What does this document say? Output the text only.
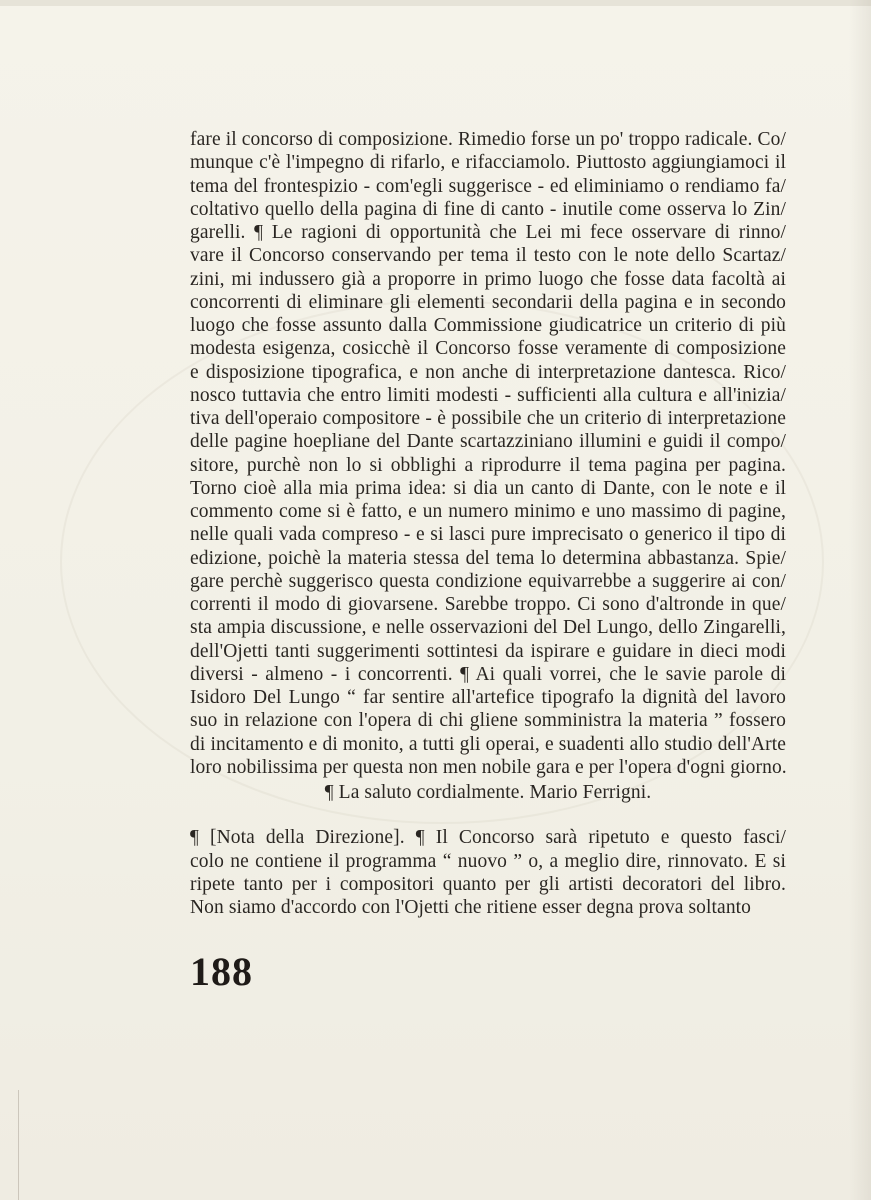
fare il concorso di composizione. Rimedio forse un po' troppo radicale. Co/
munque c'è l'impegno di rifarlo, e rifacciamolo. Piuttosto aggiungiamoci il
tema del frontespizio - com'egli suggerisce - ed eliminiamo o rendiamo fa/
coltativo quello della pagina di fine di canto - inutile come osserva lo Zin/
garelli. ¶ Le ragioni di opportunità che Lei mi fece osservare di rinno/
vare il Concorso conservando per tema il testo con le note dello Scartaz/
zini, mi indussero già a proporre in primo luogo che fosse data facoltà ai
concorrenti di eliminare gli elementi secondarii della pagina e in secondo
luogo che fosse assunto dalla Commissione giudicatrice un criterio di più
modesta esigenza, cosicchè il Concorso fosse veramente di composizione
e disposizione tipografica, e non anche di interpretazione dantesca. Rico/
nosco tuttavia che entro limiti modesti - sufficienti alla cultura e all'inizia/
tiva dell'operaio compositore - è possibile che un criterio di interpretazione
delle pagine hoepliane del Dante scartazziniano illumini e guidi il compo/
sitore, purchè non lo si obblighi a riprodurre il tema pagina per pagina.
Torno cioè alla mia prima idea: si dia un canto di Dante, con le note e il
commento come si è fatto, e un numero minimo e uno massimo di pagine,
nelle quali vada compreso - e si lasci pure imprecisato o generico il tipo di
edizione, poichè la materia stessa del tema lo determina abbastanza. Spie/
gare perchè suggerisco questa condizione equivarrebbe a suggerire ai con/
correnti il modo di giovarsene. Sarebbe troppo. Ci sono d'altronde in que/
sta ampia discussione, e nelle osservazioni del Del Lungo, dello Zingarelli,
dell'Ojetti tanti suggerimenti sottintesi da ispirare e guidare in dieci modi
diversi - almeno - i concorrenti. ¶ Ai quali vorrei, che le savie parole di
Isidoro Del Lungo “ far sentire all'artefice tipografo la dignità del lavoro
suo in relazione con l'opera di chi gliene somministra la materia ” fossero
di incitamento e di monito, a tutti gli operai, e suadenti allo studio dell'Arte
loro nobilissima per questa non men nobile gara e per l'opera d'ogni giorno.
¶ La saluto cordialmente. Mario Ferrigni.
¶ [Nota della Direzione]. ¶ Il Concorso sarà ripetuto e questo fasci/
colo ne contiene il programma “ nuovo ” o, a meglio dire, rinnovato. E si
ripete tanto per i compositori quanto per gli artisti decoratori del libro.
Non siamo d'accordo con l'Ojetti che ritiene esser degna prova soltanto
188
